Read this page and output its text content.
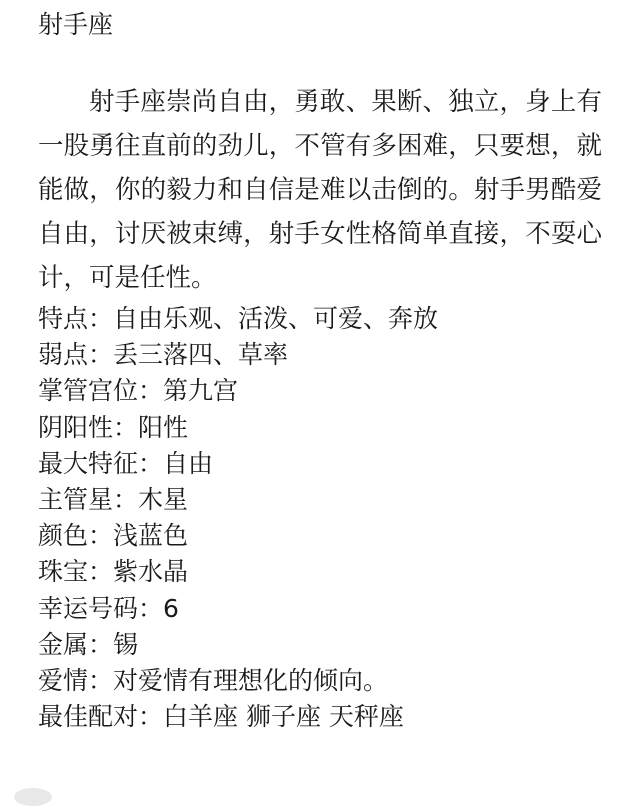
射手座

射手座崇尚自由，勇敢、果断、独立，身上有一股勇往直前的劲儿，不管有多困难，只要想，就能做，你的毅力和自信是难以击倒的。射手男酷爱自由，讨厌被束缚，射手女性格简单直接，不耍心计，可是任性。

特点：自由乐观、活泼、可爱、奔放
弱点：丢三落四、草率
掌管宫位：第九宫
阴阳性：阳性
最大特征：自由
主管星：木星
颜色：浅蓝色
珠宝：紫水晶
幸运号码：6
金属：锡
爱情：对爱情有理想化的倾向。
最佳配对：白羊座 狮子座 天秤座
